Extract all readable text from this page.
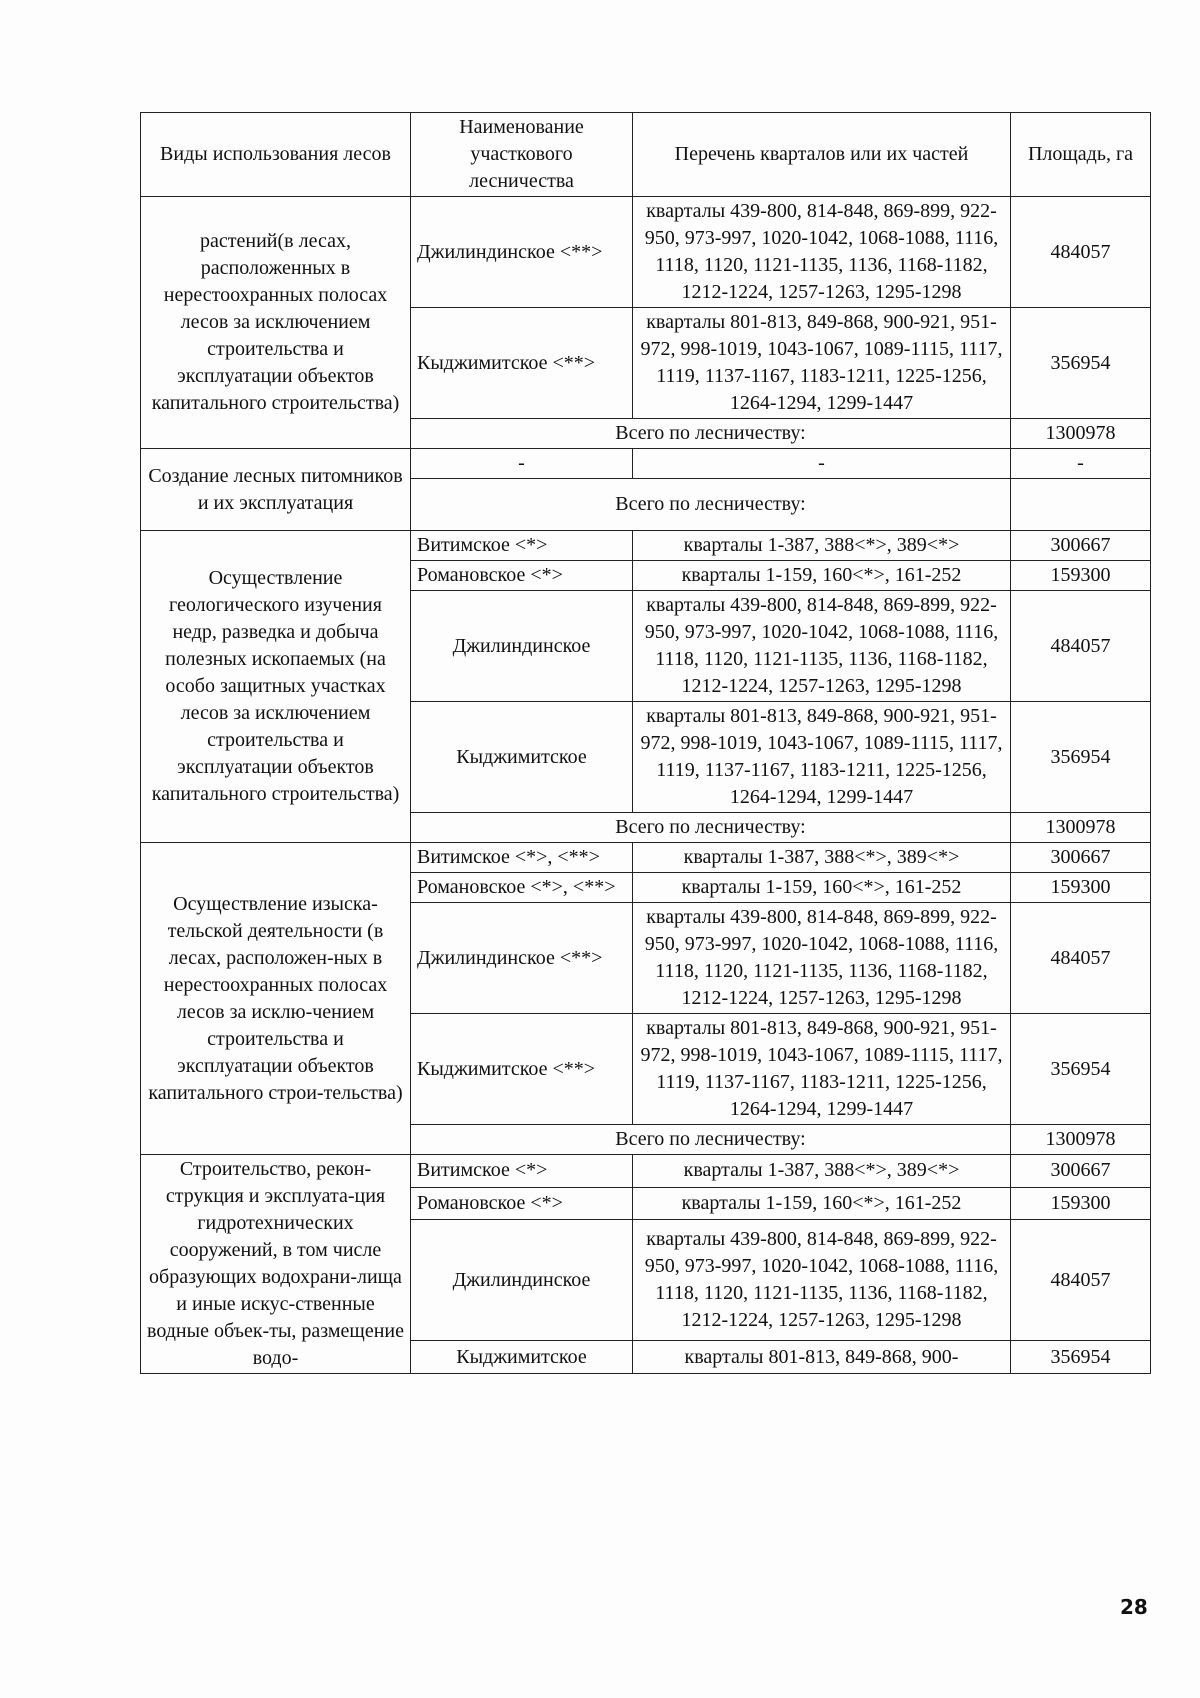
Виды использования лесов	Наименование участкового лесничества	Перечень кварталов или их частей	Площадь, га
растений(в лесах, расположенных в нерестоохранных полосах лесов за исключением строительства и эксплуатации объектов капитального строительства)	Джилиндинское <**>	кварталы 439-800, 814-848, 869-899, 922-950, 973-997, 1020-1042, 1068-1088, 1116, 1118, 1120, 1121-1135, 1136, 1168-1182, 1212-1224, 1257-1263, 1295-1298	484057
	Кыджимитское <**>	кварталы 801-813, 849-868, 900-921, 951-972, 998-1019, 1043-1067, 1089-1115, 1117, 1119, 1137-1167, 1183-1211, 1225-1256, 1264-1294, 1299-1447	356954
	Всего по лесничеству:		1300978
Создание лесных питомников и их эксплуатация	-	-	-
	Всего по лесничеству:		
Осуществление геологического изучения недр, разведка и добыча полезных ископаемых (на особо защитных участках лесов за исключением строительства и эксплуатации объектов капитального строительства)	Витимское <*>	кварталы 1-387, 388<*>, 389<*>	300667
	Романовское <*>	кварталы 1-159, 160<*>, 161-252	159300
	Джилиндинское	кварталы 439-800, 814-848, 869-899, 922-950, 973-997, 1020-1042, 1068-1088, 1116, 1118, 1120, 1121-1135, 1136, 1168-1182, 1212-1224, 1257-1263, 1295-1298	484057
	Кыджимитское	кварталы 801-813, 849-868, 900-921, 951-972, 998-1019, 1043-1067, 1089-1115, 1117, 1119, 1137-1167, 1183-1211, 1225-1256, 1264-1294, 1299-1447	356954
	Всего по лесничеству:		1300978
Осуществление изыска-тельской деятельности (в лесах, расположен-ных в нерестоохранных полосах лесов за исклю-чением строительства и эксплуатации объектов капитального строи-тельства)	Витимское <*>, <**>	кварталы 1-387, 388<*>, 389<*>	300667
	Романовское <*>, <**>	кварталы 1-159, 160<*>, 161-252	159300
	Джилиндинское <**>	кварталы 439-800, 814-848, 869-899, 922-950, 973-997, 1020-1042, 1068-1088, 1116, 1118, 1120, 1121-1135, 1136, 1168-1182, 1212-1224, 1257-1263, 1295-1298	484057
	Кыджимитское <**>	кварталы 801-813, 849-868, 900-921, 951-972, 998-1019, 1043-1067, 1089-1115, 1117, 1119, 1137-1167, 1183-1211, 1225-1256, 1264-1294, 1299-1447	356954
	Всего по лесничеству:		1300978
Строительство, рекон-струкция и эксплуата-ция гидротехнических сооружений, в том числе образующих водохрани-лища и иные искус-ственные водные объек-ты, размещение водо-	Витимское <*>	кварталы 1-387, 388<*>, 389<*>	300667
	Романовское <*>	кварталы 1-159, 160<*>, 161-252	159300
	Джилиндинское	кварталы 439-800, 814-848, 869-899, 922-950, 973-997, 1020-1042, 1068-1088, 1116, 1118, 1120, 1121-1135, 1136, 1168-1182, 1212-1224, 1257-1263, 1295-1298	484057
	Кыджимитское	кварталы 801-813, 849-868, 900-	356954
28
